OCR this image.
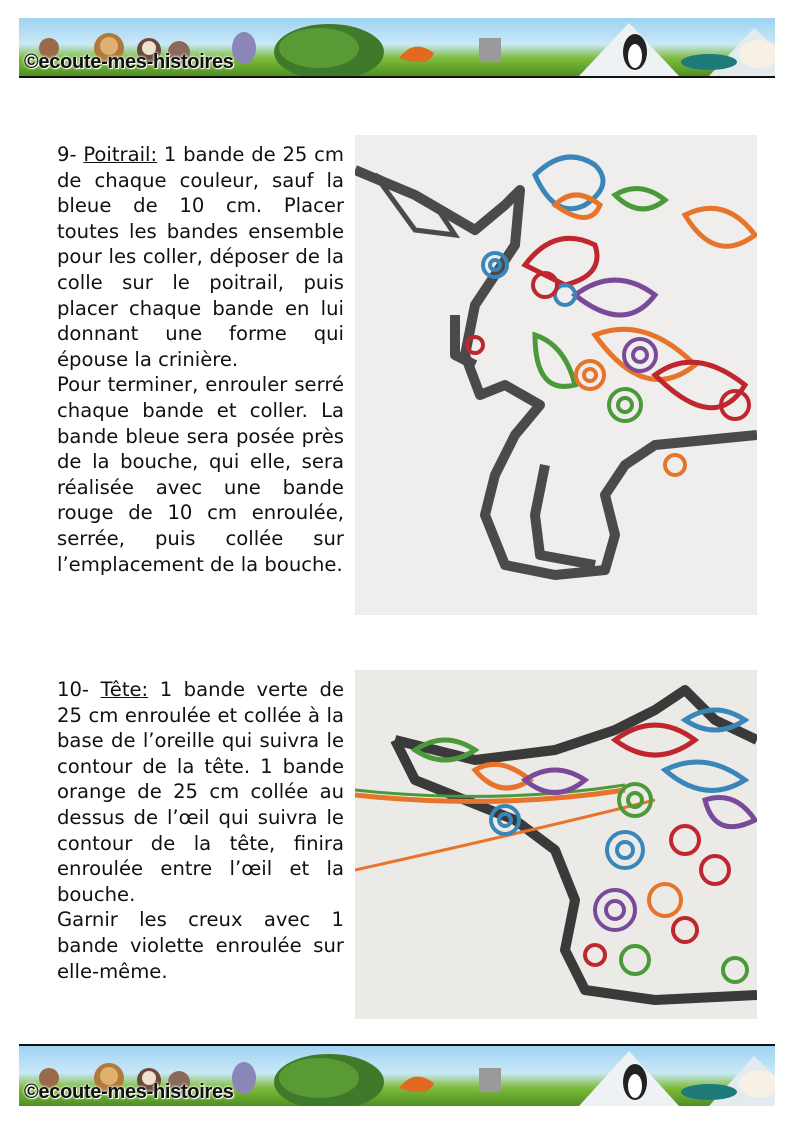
©ecoute-mes-histoires

9- Poitrail: 1 bande de 25 cm de chaque couleur, sauf la bleue de 10 cm. Placer toutes les bandes ensemble pour les coller, déposer de la colle sur le poitrail, puis placer chaque bande en lui donnant une forme qui épouse la crinière.

Pour terminer, enrouler serré chaque bande et coller. La bande bleue sera posée près de la bouche, qui elle, sera réalisée avec une bande rouge de 10 cm enroulée, serrée, puis collée sur l’emplacement de la bouche.

10- Tête: 1 bande verte de 25 cm enroulée et collée à la base de l’oreille qui suivra le contour de la tête. 1 bande orange de 25 cm collée au dessus de l’œil qui suivra le contour de la tête, finira enroulée entre l’œil et la bouche.

Garnir les creux avec 1 bande violette enroulée sur elle-même.

©ecoute-mes-histoires
